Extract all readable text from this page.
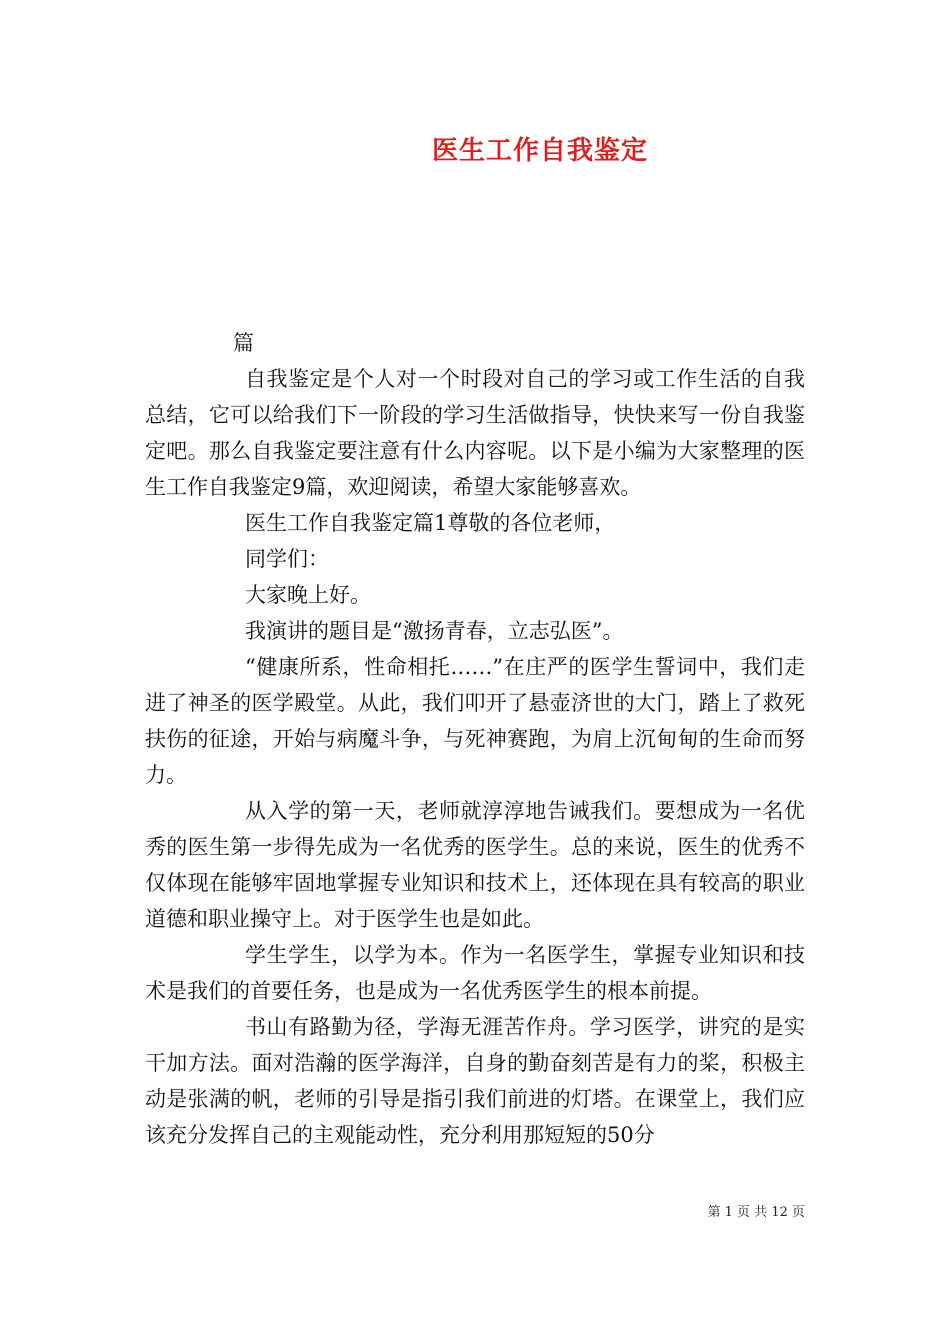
医生工作自我鉴定

篇

自我鉴定是个人对一个时段对自己的学习或工作生活的自我总结，它可以给我们下一阶段的学习生活做指导，快快来写一份自我鉴定吧。那么自我鉴定要注意有什么内容呢。以下是小编为大家整理的医生工作自我鉴定9篇，欢迎阅读，希望大家能够喜欢。

医生工作自我鉴定篇1尊敬的各位老师，

同学们：

大家晚上好。

我演讲的题目是“激扬青春，立志弘医”。

“健康所系，性命相托……”在庄严的医学生誓词中，我们走进了神圣的医学殿堂。从此，我们叩开了悬壶济世的大门，踏上了救死扶伤的征途，开始与病魔斗争，与死神赛跑，为肩上沉甸甸的生命而努力。

从入学的第一天，老师就淳淳地告诫我们。要想成为一名优秀的医生第一步得先成为一名优秀的医学生。总的来说，医生的优秀不仅体现在能够牢固地掌握专业知识和技术上，还体现在具有较高的职业道德和职业操守上。对于医学生也是如此。

学生学生，以学为本。作为一名医学生，掌握专业知识和技术是我们的首要任务，也是成为一名优秀医学生的根本前提。

书山有路勤为径，学海无涯苦作舟。学习医学，讲究的是实干加方法。面对浩瀚的医学海洋，自身的勤奋刻苦是有力的桨，积极主动是张满的帆，老师的引导是指引我们前进的灯塔。在课堂上，我们应该充分发挥自己的主观能动性，充分利用那短短的50分

第 1 页 共 12 页
